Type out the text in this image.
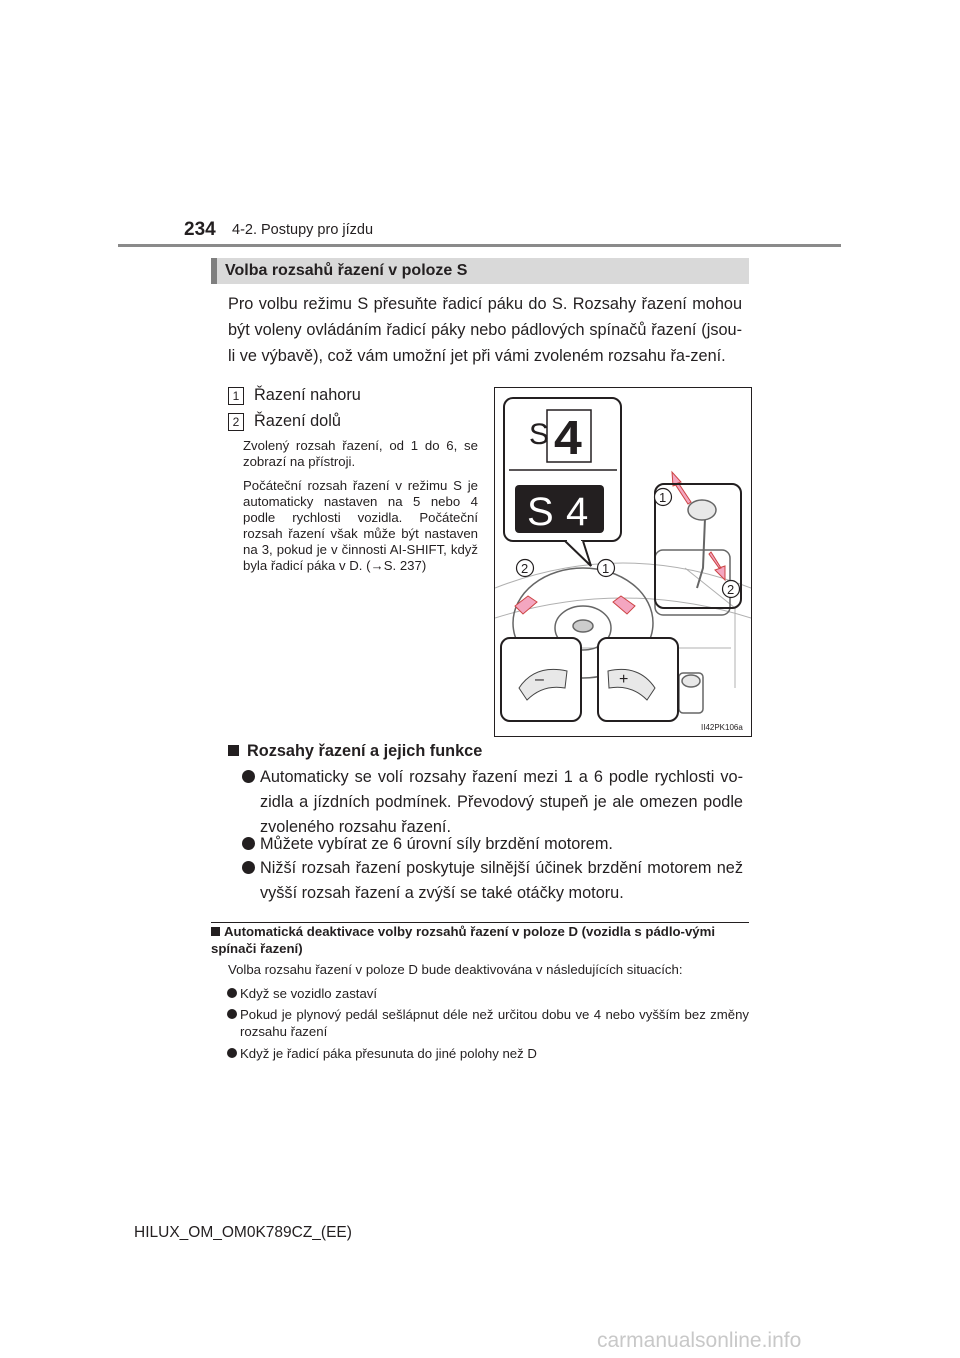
234 4-2. Postupy pro jízdu
Volba rozsahů řazení v poloze S
Pro volbu režimu S přesuňte řadicí páku do S. Rozsahy řazení mohou být voleny ovládáním řadicí páky nebo pádlových spínačů řazení (jsou-li ve výbavě), což vám umožní jet při vámi zvoleném rozsahu řa-zení.
1 Řazení nahoru
2 Řazení dolů
Zvolený rozsah řazení, od 1 do 6, se zobrazí na přístroji.
Počáteční rozsah řazení v režimu S je automaticky nastaven na 5 nebo 4 podle rychlosti vozidla. Počáteční rozsah řazení však může být nastaven na 3, pokud je v činnosti AI-SHIFT, když byla řadicí páka v D. (→S. 237)
S 4
S 4
–	+
1
2
1
2
II42PK106a
Rozsahy řazení a jejich funkce
Automaticky se volí rozsahy řazení mezi 1 a 6 podle rychlosti vo-zidla a jízdních podmínek. Převodový stupeň je ale omezen podle zvoleného rozsahu řazení.
Můžete vybírat ze 6 úrovní síly brzdění motorem.
Nižší rozsah řazení poskytuje silnější účinek brzdění motorem než vyšší rozsah řazení a zvýší se také otáčky motoru.
Automatická deaktivace volby rozsahů řazení v poloze D (vozidla s pádlo-vými spínači řazení)
Volba rozsahu řazení v poloze D bude deaktivována v následujících situacích:
Když se vozidlo zastaví
Pokud je plynový pedál sešlápnut déle než určitou dobu ve 4 nebo vyšším bez změny rozsahu řazení
Když je řadicí páka přesunuta do jiné polohy než D
HILUX_OM_OM0K789CZ_(EE)
carmanualsonline.info
